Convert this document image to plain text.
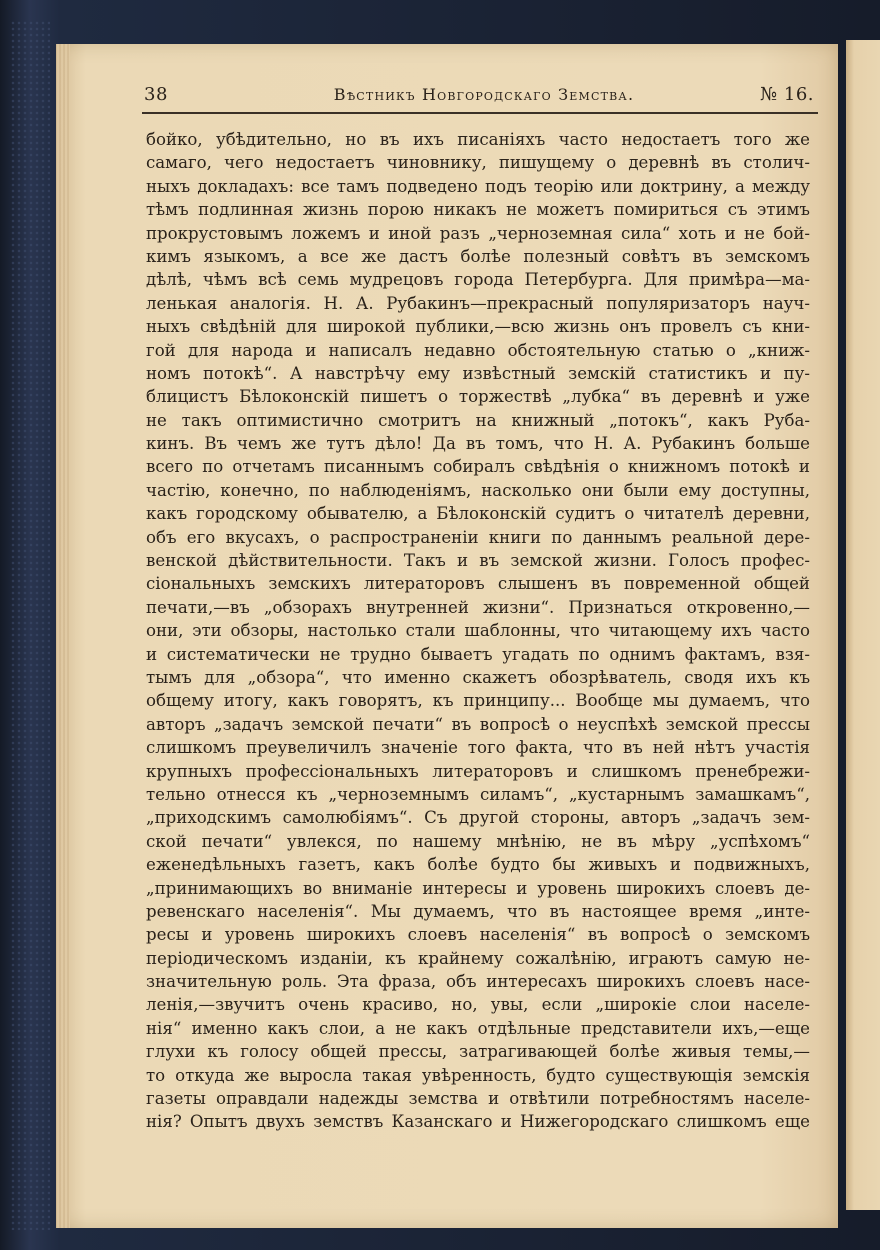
38	Вѣстникъ Новгородскаго Земства.	№ 16.
бойко, убѣдительно, но въ ихъ писаніяхъ часто недостаетъ того же
самаго, чего недостаетъ чиновнику, пишущему о деревнѣ въ столич-
ныхъ докладахъ: все тамъ подведено подъ теорію или доктрину, а между
тѣмъ подлинная жизнь порою никакъ не можетъ помириться съ этимъ
прокрустовымъ ложемъ и иной разъ „черноземная сила“ хоть и не бой-
кимъ языкомъ, а все же дастъ болѣе полезный совѣтъ въ земскомъ
дѣлѣ, чѣмъ всѣ семь мудрецовъ города Петербурга. Для примѣра—ма-
ленькая аналогія. Н. А. Рубакинъ—прекрасный популяризаторъ науч-
ныхъ свѣдѣній для широкой публики,—всю жизнь онъ провелъ съ кни-
гой для народа и написалъ недавно обстоятельную статью о „книж-
номъ потокѣ“. А навстрѣчу ему извѣстный земскій статистикъ и пу-
блицистъ Бѣлоконскій пишетъ о торжествѣ „лубка“ въ деревнѣ и уже
не такъ оптимистично смотритъ на книжный „потокъ“, какъ Руба-
кинъ. Въ чемъ же тутъ дѣло! Да въ томъ, что Н. А. Рубакинъ больше
всего по отчетамъ писаннымъ собиралъ свѣдѣнія о книжномъ потокѣ и
частію, конечно, по наблюденіямъ, насколько они были ему доступны,
какъ городскому обывателю, а Бѣлоконскій судитъ о читателѣ деревни,
объ его вкусахъ, о распространеніи книги по даннымъ реальной дере-
венской дѣйствительности. Такъ и въ земской жизни. Голосъ профес-
сіональныхъ земскихъ литераторовъ слышенъ въ повременной общей
печати,—въ „обзорахъ внутренней жизни“. Признаться откровенно,—
они, эти обзоры, настолько стали шаблонны, что читающему ихъ часто
и систематически не трудно бываетъ угадать по однимъ фактамъ, взя-
тымъ для „обзора“, что именно скажетъ обозрѣватель, сводя ихъ къ
общему итогу, какъ говорятъ, къ принципу... Вообще мы думаемъ, что
авторъ „задачъ земской печати“ въ вопросѣ о неуспѣхѣ земской прессы
слишкомъ преувеличилъ значеніе того факта, что въ ней нѣтъ участія
крупныхъ профессіональныхъ литераторовъ и слишкомъ пренебрежи-
тельно отнесся къ „черноземнымъ силамъ“, „кустарнымъ замашкамъ“,
„приходскимъ самолюбіямъ“. Съ другой стороны, авторъ „задачъ зем-
ской печати“ увлекся, по нашему мнѣнію, не въ мѣру „успѣхомъ“
еженедѣльныхъ газетъ, какъ болѣе будто бы живыхъ и подвижныхъ,
„принимающихъ во вниманіе интересы и уровень широкихъ слоевъ де-
ревенскаго населенія“. Мы думаемъ, что въ настоящее время „инте-
ресы и уровень широкихъ слоевъ населенія“ въ вопросѣ о земскомъ
періодическомъ изданіи, къ крайнему сожалѣнію, играютъ самую не-
значительную роль. Эта фраза, объ интересахъ широкихъ слоевъ насе-
ленія,—звучитъ очень красиво, но, увы, если „широкіе слои населе-
нія“ именно какъ слои, а не какъ отдѣльные представители ихъ,—еще
глухи къ голосу общей прессы, затрагивающей болѣе живыя темы,—
то откуда же выросла такая увѣренность, будто существующія земскія
газеты оправдали надежды земства и отвѣтили потребностямъ населе-
нія? Опытъ двухъ земствъ Казанскаго и Нижегородскаго слишкомъ еще
